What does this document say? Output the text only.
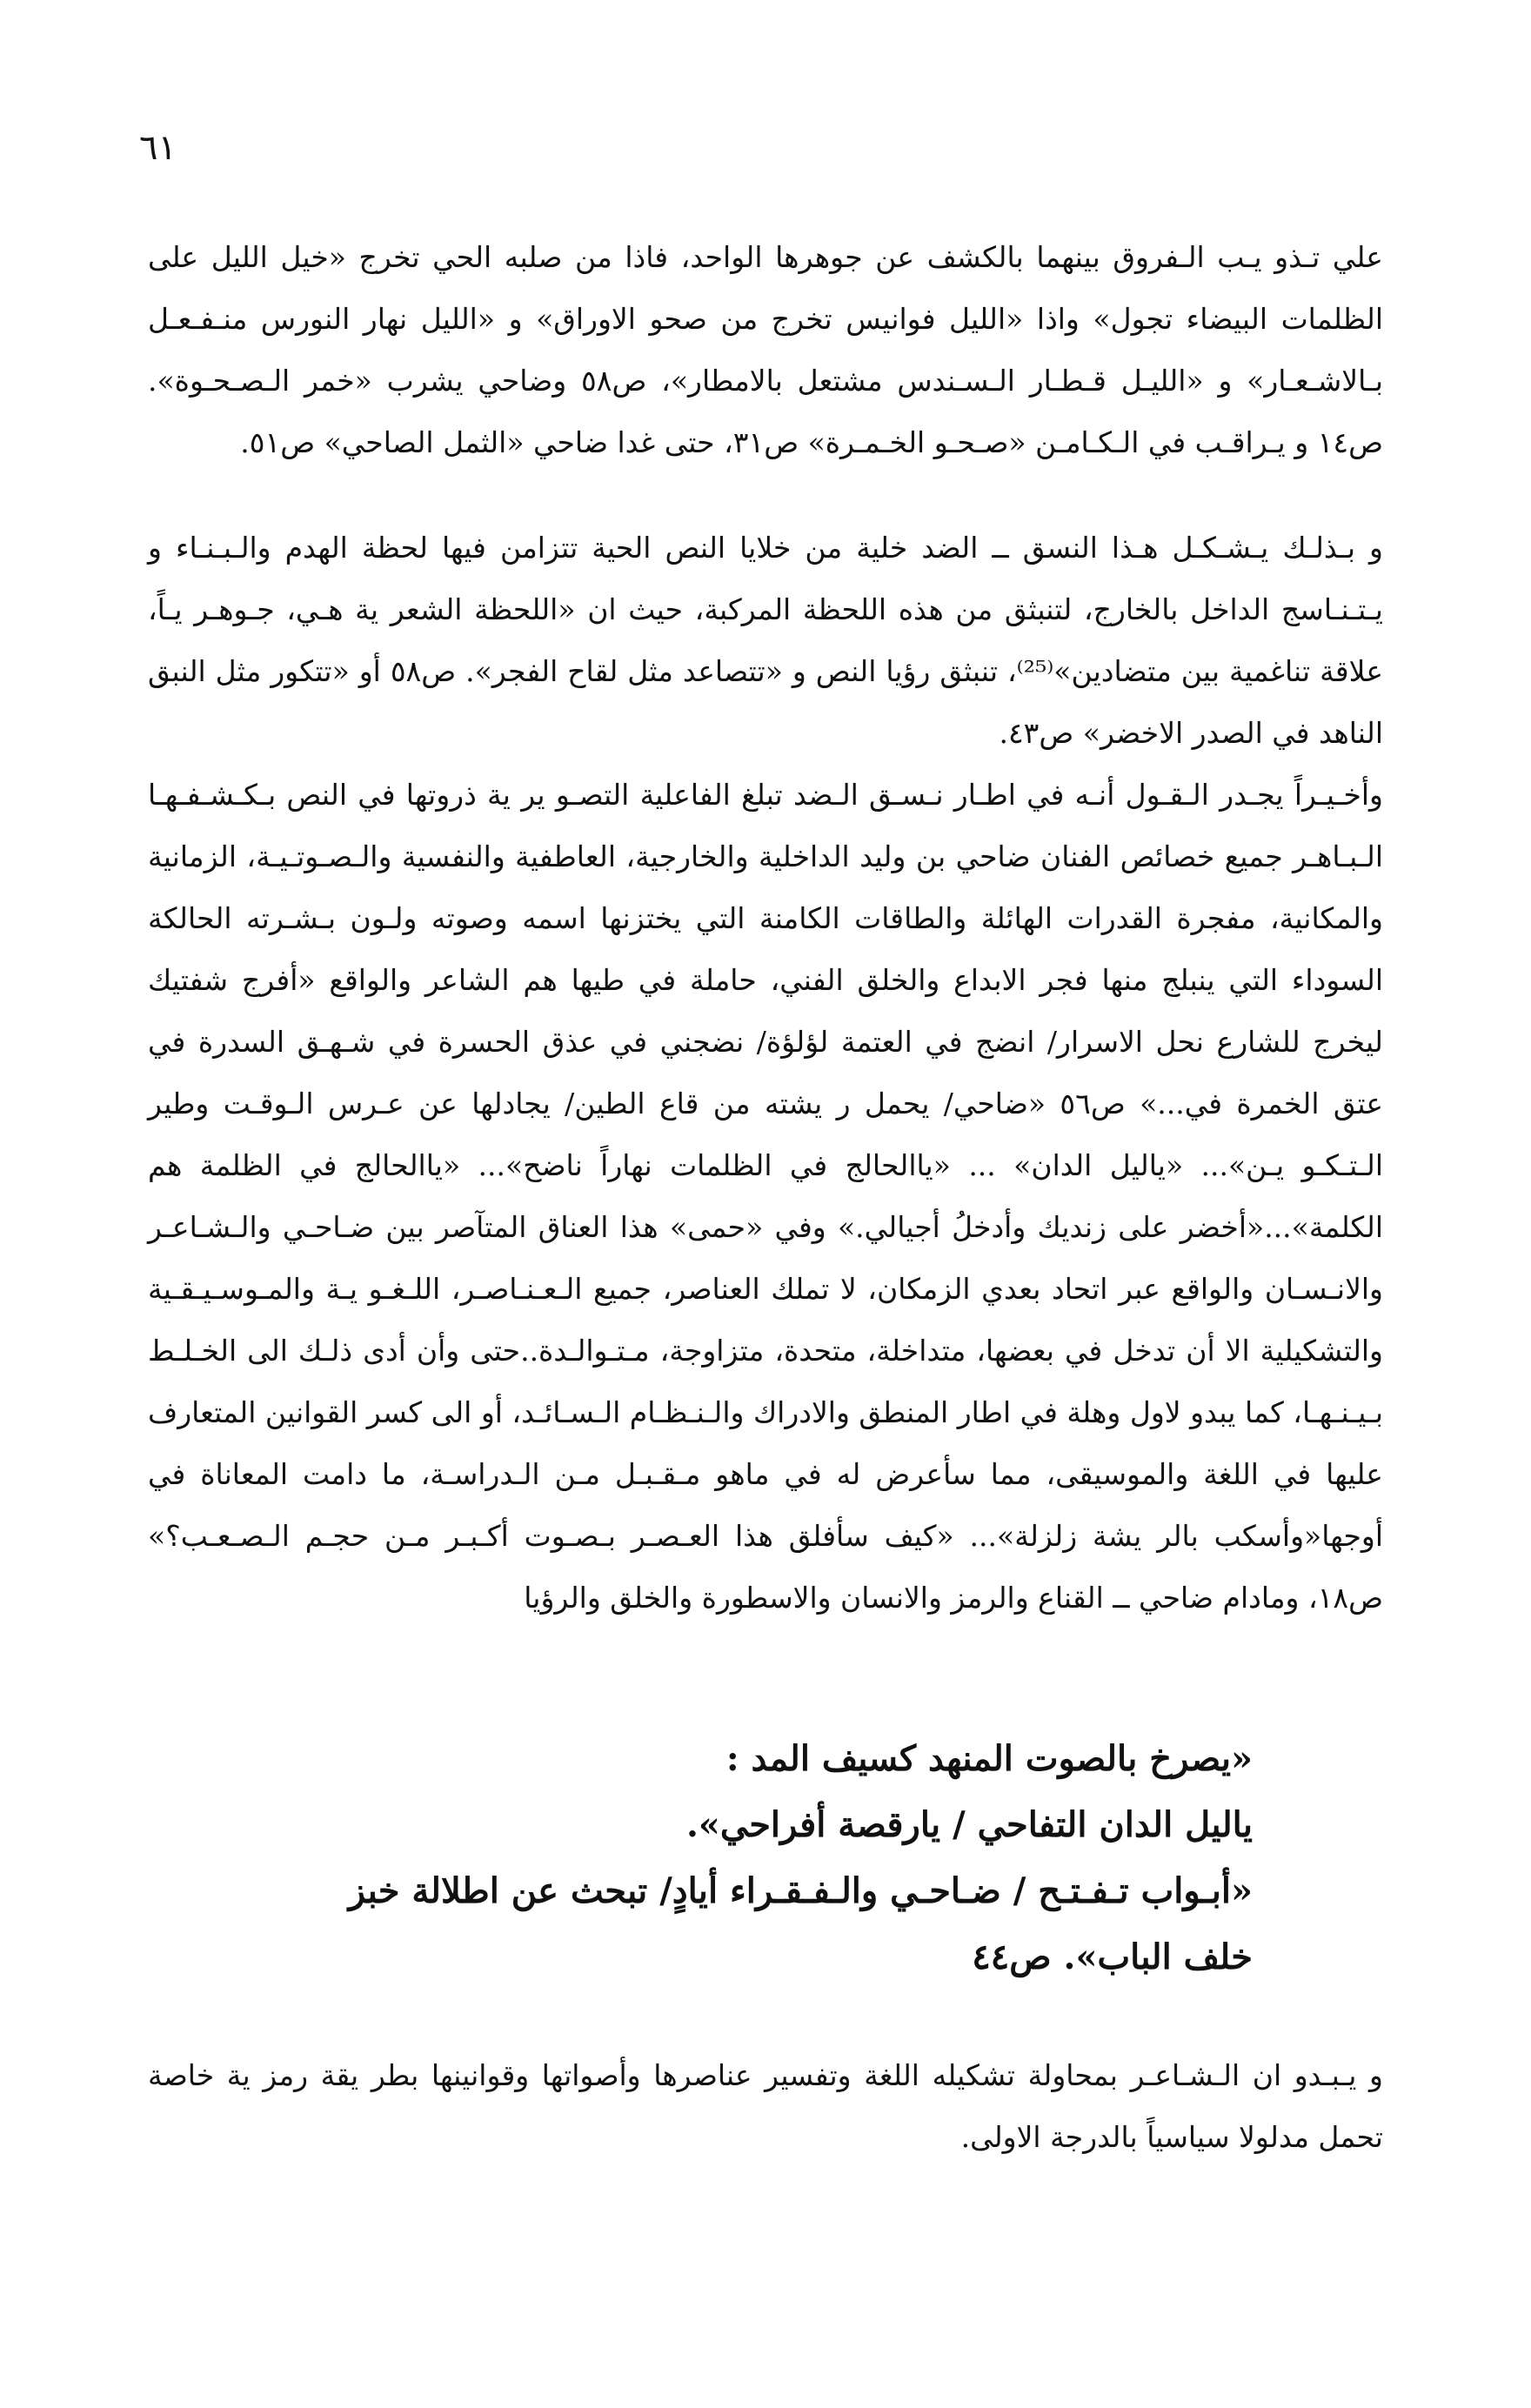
٦١

علي تـذو يـب الـفروق بينهما بالكشف عن جوهرها الواحد، فاذا من صلبه الحي تخرج «خيل الليل على الظلمات البيضاء تجول» واذا «الليل فوانيس تخرج من صحو الاوراق» و «الليل نهار النورس منـفـعـل بـالاشـعـار» و «الليـل قـطـار الـسـندس مشتعل بالامطار»، ص٥٨ وضاحي يشرب «خمر الـصـحـوة». ص١٤ و يـراقـب في الـكـامـن «صـحـو الخـمـرة» ص٣١، حتى غدا ضاحي «الثمل الصاحي» ص٥١.

و بـذلـك يـشـكـل هـذا النسق ــ الضد خلية من خلايا النص الحية تتزامن فيها لحظة الهدم والـبـنـاء و يـتـنـاسج الداخل بالخارج، لتنبثق من هذه اللحظة المركبة، حيث ان «اللحظة الشعر ية هـي، جـوهـر يـاً، علاقة تناغمية بين متضادين»⁽²⁵⁾، تنبثق رؤيا النص و «تتصاعد مثل لقاح الفجر». ص٥٨ أو «تتكور مثل النبق الناهد في الصدر الاخضر» ص٤٣.

وأخـيـراً يجـدر الـقـول أنـه في اطـار نـسـق الـضد تبلغ الفاعلية التصـو ير ية ذروتها في النص بـكـشـفـهـا الـبـاهـر جميع خصائص الفنان ضاحي بن وليد الداخلية والخارجية، العاطفية والنفسية والـصـوتـيـة، الزمانية والمكانية، مفجرة القدرات الهائلة والطاقات الكامنة التي يختزنها اسمه وصوته ولـون بـشـرته الحالكة السوداء التي ينبلج منها فجر الابداع والخلق الفني، حاملة في طيها هم الشاعر والواقع «أفرج شفتيك ليخرج للشارع نحل الاسرار/ انضج في العتمة لؤلؤة/ نضجني في عذق الحسرة في شـهـق السدرة في عتق الخمرة في...» ص٥٦ «ضاحي/ يحمل ر يشته من قاع الطين/ يجادلها عن عـرس الـوقـت وطير الـتـكـو يـن»... «ياليل الدان» ... «ياالحالج في الظلمات نهاراً ناضح»... «ياالحالج في الظلمة هم الكلمة»...«أخضر على زنديك وأدخلُ أجيالي.» وفي «حمى» هذا العناق المتآصر بين ضـاحـي والـشـاعـر والانـسـان والواقع عبر اتحاد بعدي الزمكان، لا تملك العناصر، جميع الـعـنـاصـر، اللـغـو يـة والمـوسـيـقـية والتشكيلية الا أن تدخل في بعضها، متداخلة، متحدة، متزاوجة، مـتـوالـدة..حتى وأن أدى ذلـك الى الخـلـط بـيـنـهـا، كما يبدو لاول وهلة في اطار المنطق والادراك والـنـظـام الـسـائـد، أو الى كسر القوانين المتعارف عليها في اللغة والموسيقى، مما سأعرض له في ماهو مـقـبـل مـن الـدراسـة، ما دامت المعاناة في أوجها«وأسكب بالر يشة زلزلة»... «كيف سأفلق هذا العـصـر بـصـوت أكـبـر مـن حجـم الـصـعـب؟» ص١٨، ومادام ضاحي ــ القناع والرمز والانسان والاسطورة والخلق والرؤيا

«يصرخ بالصوت المنهد كسيف المد :

ياليل الدان التفاحي / يارقصة أفراحي».

«أبـواب تـفـتـح / ضـاحـي والـفـقـراء أيادٍ/ تبحث عن اطلالة خبز

خلف الباب». ص٤٤

و يـبـدو ان الـشـاعـر بمحاولة تشكيله اللغة وتفسير عناصرها وأصواتها وقوانينها بطر يقة رمز ية خاصة تحمل مدلولا سياسياً بالدرجة الاولى.
